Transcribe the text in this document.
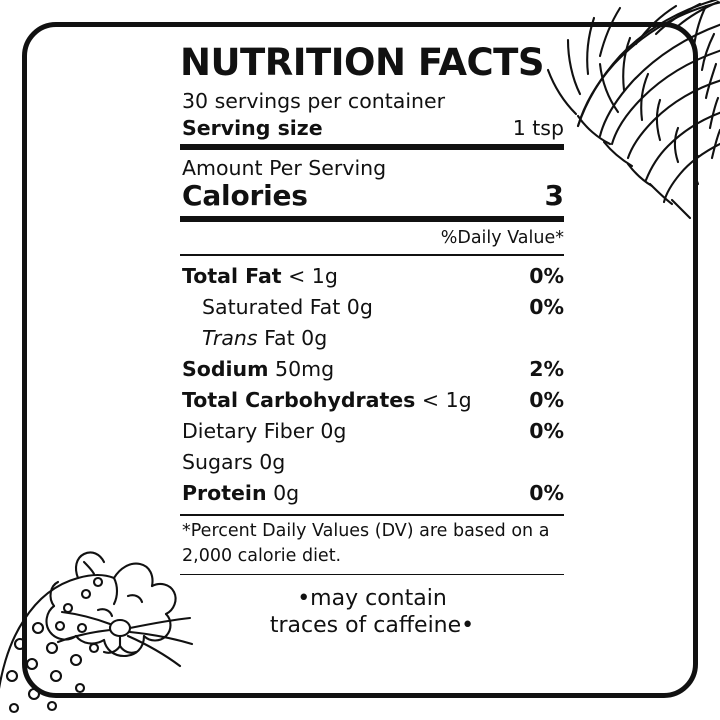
NUTRITION FACTS
30 servings per container
Serving size	1 tsp
Amount Per Serving
Calories	3
%Daily Value*
Total Fat < 1g	0%
Saturated Fat 0g	0%
Trans Fat 0g
Sodium 50mg	2%
Total Carbohydrates < 1g	0%
Dietary Fiber 0g	0%
Sugars 0g
Protein 0g	0%
*Percent Daily Values (DV) are based on a
2,000 calorie diet.
•may contain
traces of caffeine•
